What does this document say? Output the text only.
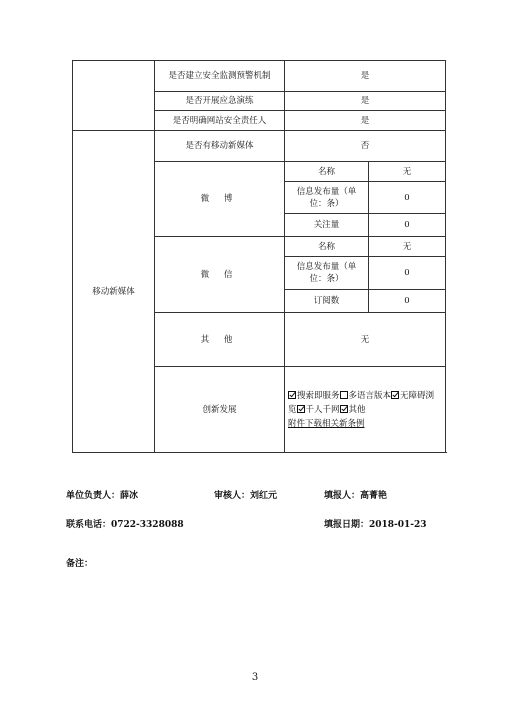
	是否建立安全监测预警机制	是	
	是否开展应急演练	是	
	是否明确网站安全责任人	是	
移动新媒体	是否有移动新媒体	否	
	微 博	名称	无
		信息发布量（单位：条）	0
		关注量	0
	微 信	名称	无
		信息发布量（单位：条）	0
		订阅数	0
	其 他	无	
	创新发展	搜索即服务 多语言版本 无障碍浏览 千人千网 其他
附件下载相关新条例	
单位负责人：薛冰	审核人：刘红元	填报人：高菁艳
联系电话：0722-3328088	填报日期：2018-01-23
备注：
3
